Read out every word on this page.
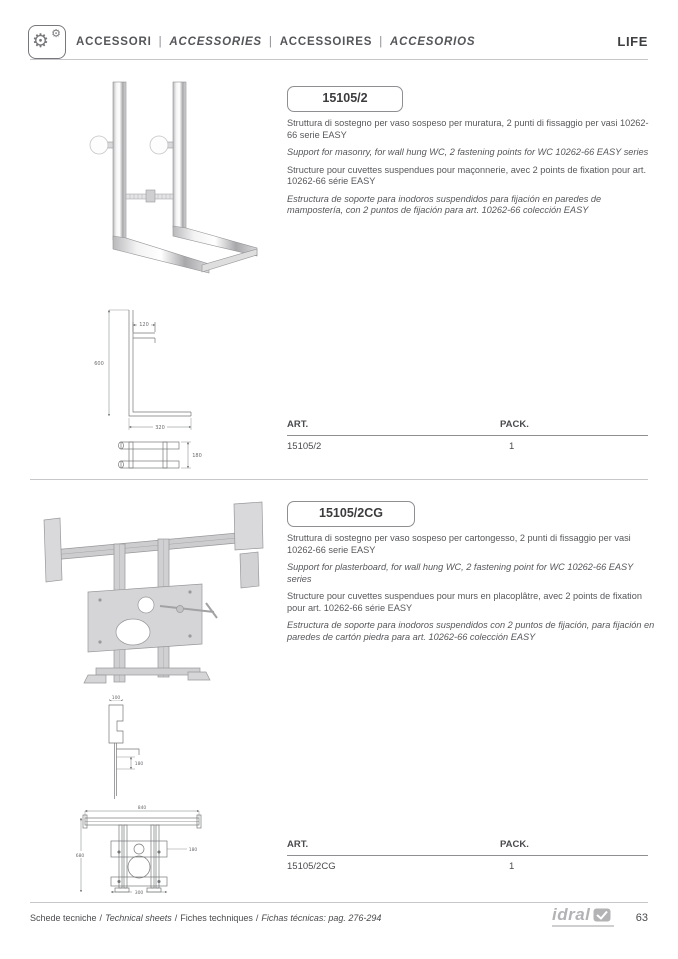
⚙ ⚙
ACCESSORI | ACCESSORIES | ACCESSOIRES | ACCESORIOS	LIFE
15105/2

Struttura di sostegno per vaso sospeso per muratura, 2 punti di fissaggio per vasi 10262-66 serie EASY

Support for masonry, for wall hung WC, 2 fastening points for WC 10262-66 EASY series

Structure pour cuvettes suspendues pour maçonnerie, avec 2 points de fixation pour art. 10262-66 série EASY

Estructura de soporte para inodoros suspendidos para fijación en paredes de mampostería, con 2 puntos de fijación para art. 10262-66 colección EASY

120
600
320
180
ART.	PACK.
15105/2	1
15105/2CG

Struttura di sostegno per vaso sospeso per cartongesso, 2 punti di fissaggio per vasi 10262-66 serie EASY

Support for plasterboard, for wall hung WC, 2 fastening point for WC 10262-66 EASY series

Structure pour cuvettes suspendues pour murs en placoplâtre, avec 2 points de fixation pour art. 10262-66 série EASY

Estructura de soporte para inodoros suspendidos con 2 puntos de fijación, para fijación en paredes de cartón piedra para art. 10262-66 colección EASY

100
180
840
680
180
300
ART.	PACK.
15105/2CG	1
Schede tecniche / Technical sheets / Fiches techniques / Fichas técnicas: pag. 276-294	idral	63
